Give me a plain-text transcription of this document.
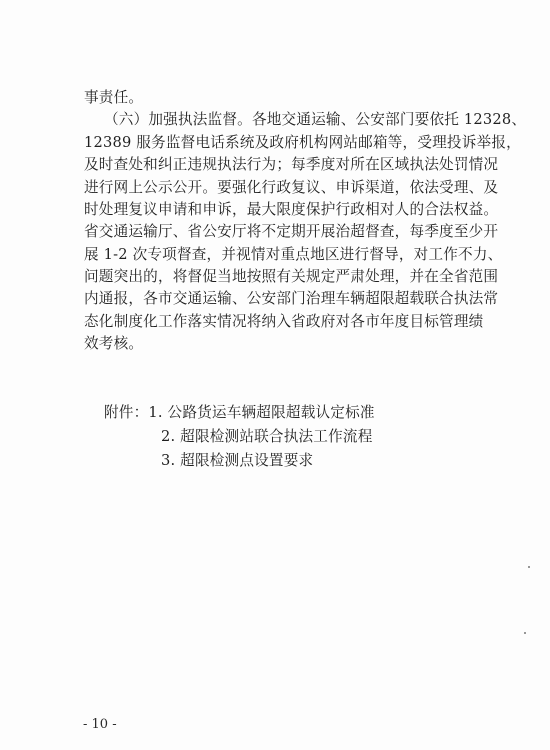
事责任。
（六）加强执法监督。各地交通运输、公安部门要依托 12328、
12389 服务监督电话系统及政府机构网站邮箱等，受理投诉举报，
及时查处和纠正违规执法行为；每季度对所在区域执法处罚情况
进行网上公示公开。要强化行政复议、申诉渠道，依法受理、及
时处理复议申请和申诉，最大限度保护行政相对人的合法权益。
省交通运输厅、省公安厅将不定期开展治超督查，每季度至少开
展 1-2 次专项督查，并视情对重点地区进行督导，对工作不力、
问题突出的，将督促当地按照有关规定严肃处理，并在全省范围
内通报，各市交通运输、公安部门治理车辆超限超载联合执法常
态化制度化工作落实情况将纳入省政府对各市年度目标管理绩
效考核。
附件：1. 公路货运车辆超限超载认定标准
2. 超限检测站联合执法工作流程
3. 超限检测点设置要求
- 10 -
